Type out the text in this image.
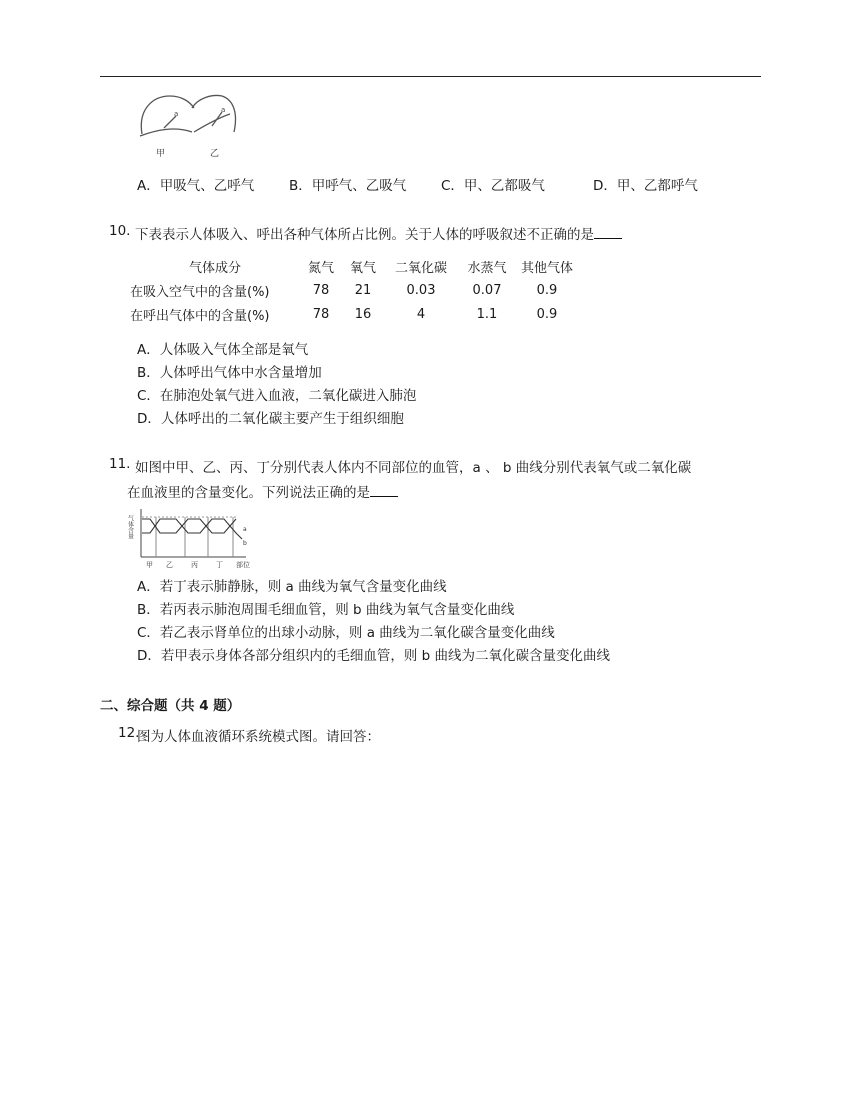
a	a
甲	乙
A．甲吸气、乙呼气	B．甲呼气、乙吸气	C．甲、乙都吸气	D．甲、乙都呼气
10. 下表表示人体吸入、呼出各种气体所占比例。关于人体的呼吸叙述不正确的是
气体成分	氮气	氧气	二氧化碳	水蒸气	其他气体
在吸入空气中的含量(%)	78	21	0.03	0.07	0.9
在呼出气体中的含量(%)	78	16	4	1.1	0.9
A．人体吸入气体全部是氧气
B．人体呼出气体中水含量增加
C．在肺泡处氧气进入血液，二氧化碳进入肺泡
D．人体呼出的二氧化碳主要产生于组织细胞
11. 如图中甲、乙、丙、丁分别代表人体内不同部位的血管，a 、 b 曲线分别代表氧气或二氧化碳
在血液里的含量变化。下列说法正确的是
气体含量	a
b
甲 乙	丙	丁 部位
A．若丁表示肺静脉，则 a 曲线为氧气含量变化曲线
B．若丙表示肺泡周围毛细血管，则 b 曲线为氧气含量变化曲线
C．若乙表示肾单位的出球小动脉，则 a 曲线为二氧化碳含量变化曲线
D．若甲表示身体各部分组织内的毛细血管，则 b 曲线为二氧化碳含量变化曲线
二、综合题（共 4 题）
12.
图为人体血液循环系统模式图。请回答：
